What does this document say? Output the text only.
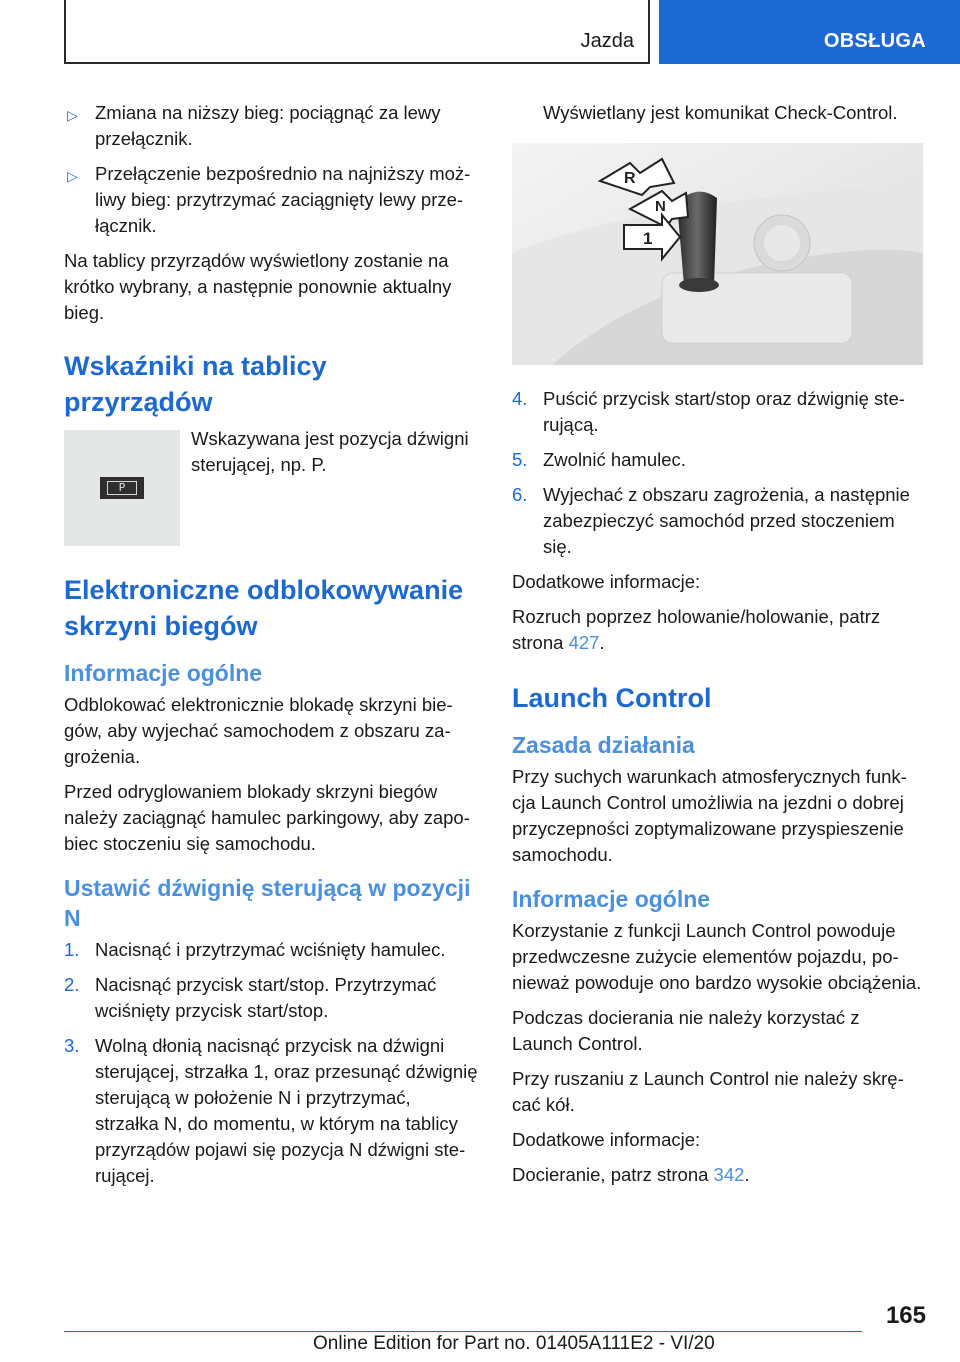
Jazda	OBSŁUGA
▷ Zmiana na niższy bieg: pociągnąć za lewy przełącznik.
▷ Przełączenie bezpośrednio na najniższy możliwy bieg: przytrzymać zaciągnięty lewy przełącznik.
Na tablicy przyrządów wyświetlony zostanie na krótko wybrany, a następnie ponownie aktualny bieg.
Wskaźniki na tablicy przyrządów
P
Wskazywana jest pozycja dźwigni sterującej, np. P.
Elektroniczne odblokowywanie skrzyni biegów
Informacje ogólne
Odblokować elektronicznie blokadę skrzyni biegów, aby wyjechać samochodem z obszaru zagrożenia.
Przed odryglowaniem blokady skrzyni biegów należy zaciągnąć hamulec parkingowy, aby zapobiec stoczeniu się samochodu.
Ustawić dźwignię sterującą w pozycji N
1. Nacisnąć i przytrzymać wciśnięty hamulec.
2. Nacisnąć przycisk start/stop. Przytrzymać wciśnięty przycisk start/stop.
3. Wolną dłonią nacisnąć przycisk na dźwigni sterującej, strzałka 1, oraz przesunąć dźwignię sterującą w położenie N i przytrzymać, strzałka N, do momentu, w którym na tablicy przyrządów pojawi się pozycja N dźwigni sterującej.
Wyświetlany jest komunikat Check-Control.
R
N
1
4. Puścić przycisk start/stop oraz dźwignię sterującą.
5. Zwolnić hamulec.
6. Wyjechać z obszaru zagrożenia, a następnie zabezpieczyć samochód przed stoczeniem się.
Dodatkowe informacje:
Rozruch poprzez holowanie/holowanie, patrz strona 427.
Launch Control
Zasada działania
Przy suchych warunkach atmosferycznych funkcja Launch Control umożliwia na jezdni o dobrej przyczepności zoptymalizowane przyspieszenie samochodu.
Informacje ogólne
Korzystanie z funkcji Launch Control powoduje przedwczesne zużycie elementów pojazdu, ponieważ powoduje ono bardzo wysokie obciążenia.
Podczas docierania nie należy korzystać z Launch Control.
Przy ruszaniu z Launch Control nie należy skręcać kół.
Dodatkowe informacje:
Docieranie, patrz strona 342.
165
Online Edition for Part no. 01405A111E2 - VI/20
